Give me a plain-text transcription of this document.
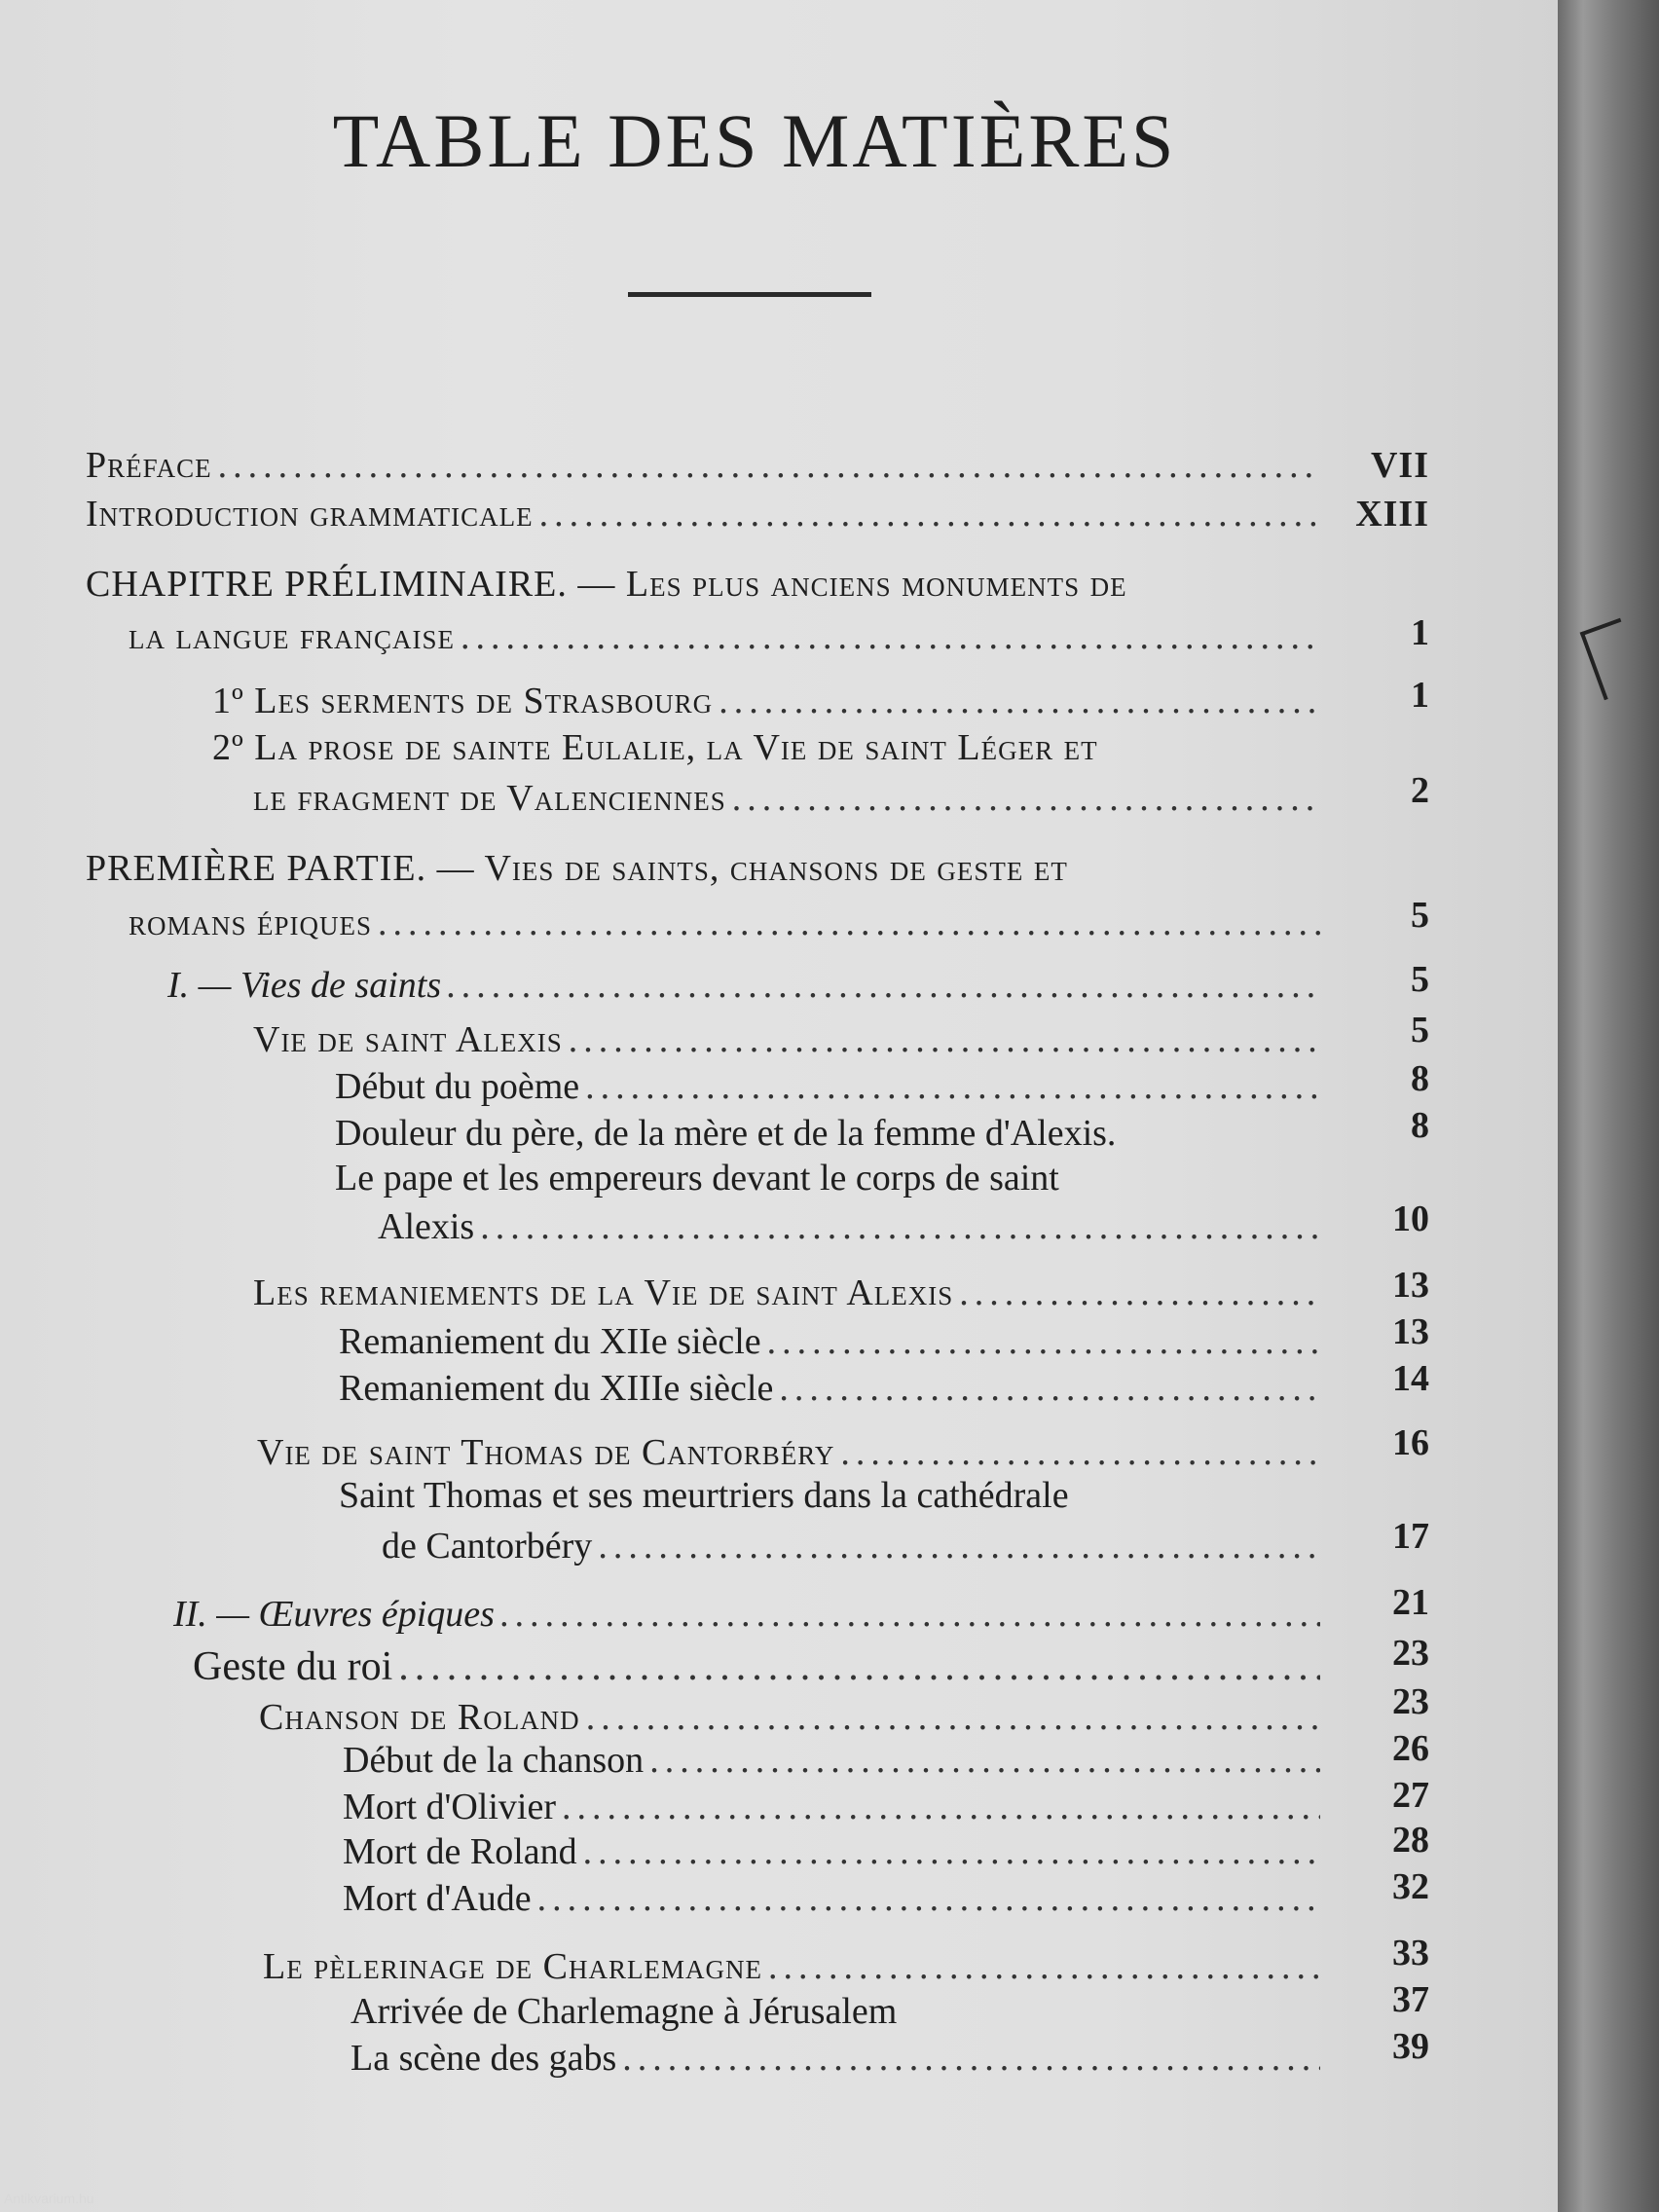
TABLE DES MATIÈRES
Préface .....	VII
Introduction grammaticale .....	XIII
CHAPITRE PRÉLIMINAIRE. — Les plus anciens monuments de
la langue française .....	1
1º Les serments de Strasbourg .....	1
2º La prose de sainte Eulalie, la Vie de saint Léger et
le fragment de Valenciennes .....	2
PREMIÈRE PARTIE. — Vies de saints, chansons de geste et
romans épiques .....	5
I. — Vies de saints .....	5
Vie de saint Alexis .....	5
Début du poème .....	8
Douleur du père, de la mère et de la femme d'Alexis.	8
Le pape et les empereurs devant le corps de saint
Alexis .....	10
Les remaniements de la Vie de saint Alexis .....	13
Remaniement du XIIe siècle .....	13
Remaniement du XIIIe siècle .....	14
Vie de saint Thomas de Cantorbéry .....	16
Saint Thomas et ses meurtriers dans la cathédrale
de Cantorbéry .....	17
II. — Œuvres épiques .....	21
Geste du roi .....	23
Chanson de Roland .....	23
Début de la chanson .....	26
Mort d'Olivier .....	27
Mort de Roland .....	28
Mort d'Aude .....	32
Le pèlerinage de Charlemagne .....	33
Arrivée de Charlemagne à Jérusalem	37
La scène des gabs .....	39
Antikvarium.hu
